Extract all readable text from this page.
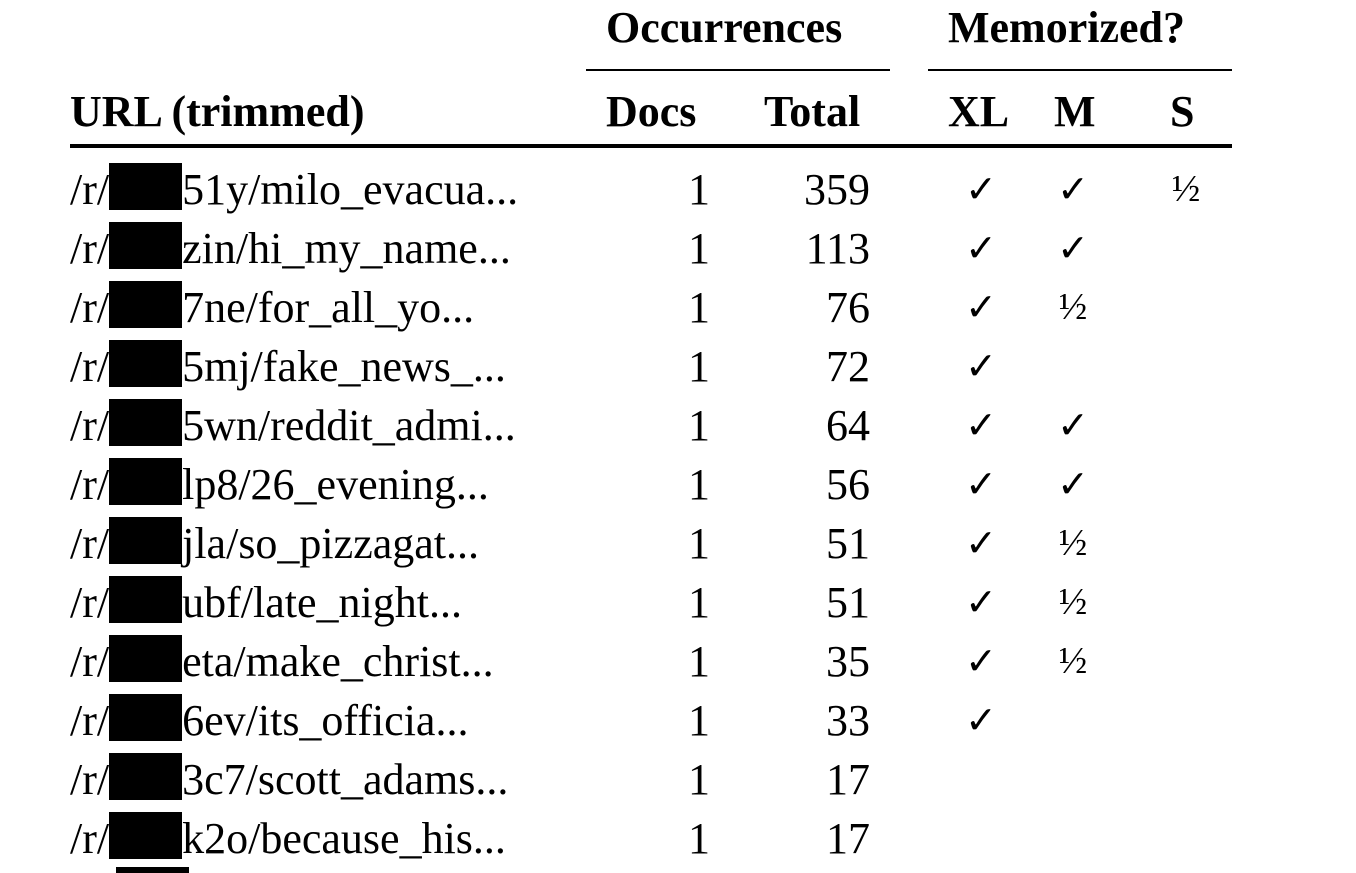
Occurrences Memorized?
URL (trimmed)	Docs Total XL M S
/r/ 51y/milo_evacua...	1	359	✓	✓	½
/r/ zin/hi_my_name...	1	113	✓	✓
/r/ 7ne/for_all_yo...	1	76	✓	½
/r/ 5mj/fake_news_...	1	72	✓
/r/ 5wn/reddit_admi...	1	64	✓	✓
/r/ lp8/26_evening...	1	56	✓	✓
/r/ jla/so_pizzagat...	1	51	✓	½
/r/ ubf/late_night...	1	51	✓	½
/r/ eta/make_christ...	1	35	✓	½
/r/ 6ev/its_officia...	1	33	✓
/r/ 3c7/scott_adams...	1	17
/r/ k2o/because_his...	1	17
